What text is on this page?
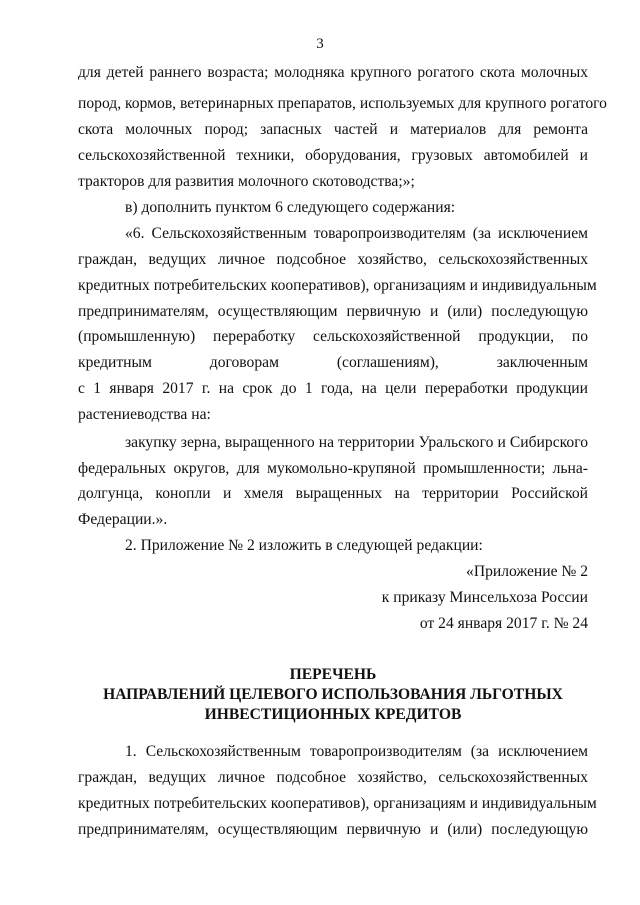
3
для детей раннего возраста; молодняка крупного рогатого скота молочных
пород, кормов, ветеринарных препаратов, используемых для крупного рогатого
скота молочных пород; запасных частей и материалов для ремонта
сельскохозяйственной техники, оборудования, грузовых автомобилей и
тракторов для развития молочного скотоводства;»;
в) дополнить пунктом 6 следующего содержания:
«6. Сельскохозяйственным товаропроизводителям (за исключением
граждан, ведущих личное подсобное хозяйство, сельскохозяйственных
кредитных потребительских кооперативов), организациям и индивидуальным
предпринимателям, осуществляющим первичную и (или) последующую
(промышленную) переработку сельскохозяйственной продукции, по
кредитным договорам (соглашениям), заключенным
с 1 января 2017 г. на срок до 1 года, на цели переработки продукции
растениеводства на:
закупку зерна, выращенного на территории Уральского и Сибирского
федеральных округов, для мукомольно-крупяной промышленности; льна-
долгунца, конопли и хмеля выращенных на территории Российской
Федерации.».
2. Приложение № 2 изложить в следующей редакции:
«Приложение № 2
к приказу Минсельхоза России
от 24 января 2017 г. № 24
ПЕРЕЧЕНЬ
НАПРАВЛЕНИЙ ЦЕЛЕВОГО ИСПОЛЬЗОВАНИЯ ЛЬГОТНЫХ
ИНВЕСТИЦИОННЫХ КРЕДИТОВ
1. Сельскохозяйственным товаропроизводителям (за исключением
граждан, ведущих личное подсобное хозяйство, сельскохозяйственных
кредитных потребительских кооперативов), организациям и индивидуальным
предпринимателям, осуществляющим первичную и (или) последующую
